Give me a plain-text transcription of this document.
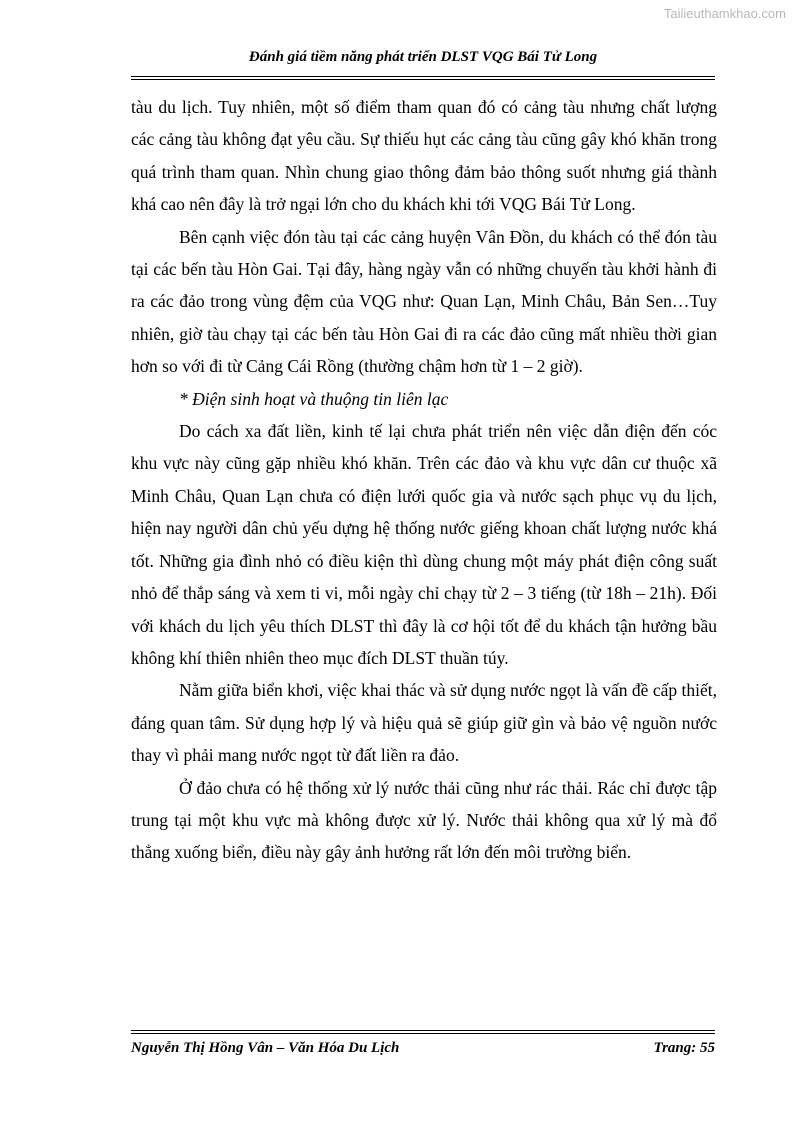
Tailieuthamkhao.com
Đánh giá tiềm năng phát triển DLST VQG Bái Tử Long

tàu du lịch. Tuy nhiên, một số điểm tham quan đó có cảng tàu nhưng chất lượng các cảng tàu không đạt yêu cầu. Sự thiếu hụt các cảng tàu cũng gây khó khăn trong quá trình tham quan. Nhìn chung giao thông đảm bảo thông suốt nhưng giá thành khá cao nên đây là trở ngại lớn cho du khách khi tới VQG Bái Tử Long.

Bên cạnh việc đón tàu tại các cảng huyện Vân Đồn, du khách có thể đón tàu tại các bến tàu Hòn Gai. Tại đây, hàng ngày vẫn có những chuyến tàu khởi hành đi ra các đảo trong vùng đệm của VQG như: Quan Lạn, Minh Châu, Bản Sen…Tuy nhiên, giờ tàu chạy tại các bến tàu Hòn Gai đi ra các đảo cũng mất nhiều thời gian hơn so với đi từ Cảng Cái Rồng (thường chậm hơn từ 1 – 2 giờ).

* Điện sinh hoạt và thuộng tin liên lạc

Do cách xa đất liền, kinh tế lại chưa phát triển nên việc dẫn điện đến cóc khu vực này cũng gặp nhiều khó khăn. Trên các đảo và khu vực dân cư thuộc xã Minh Châu, Quan Lạn chưa có điện lưới quốc gia và nước sạch phục vụ du lịch, hiện nay người dân chủ yếu dựng hệ thống nước giếng khoan chất lượng nước khá tốt. Những gia đình nhỏ có điều kiện thì dùng chung một máy phát điện công suất nhỏ để thắp sáng và xem ti vi, mỗi ngày chỉ chạy từ 2 – 3 tiếng (từ 18h – 21h). Đối với khách du lịch yêu thích DLST thì đây là cơ hội tốt để du khách tận hưởng bầu không khí thiên nhiên theo mục đích DLST thuần túy.

Nằm giữa biển khơi, việc khai thác và sử dụng nước ngọt là vấn đề cấp thiết, đáng quan tâm. Sử dụng hợp lý và hiệu quả sẽ giúp giữ gìn và bảo vệ nguồn nước thay vì phải mang nước ngọt từ đất liền ra đảo.

Ở đảo chưa có hệ thống xử lý nước thải cũng như rác thải. Rác chỉ được tập trung tại một khu vực mà không được xử lý. Nước thải không qua xử lý mà đổ thẳng xuống biển, điều này gây ảnh hưởng rất lớn đến môi trường biển.

Nguyễn Thị Hồng Vân – Văn Hóa Du Lịch	Trang: 55
